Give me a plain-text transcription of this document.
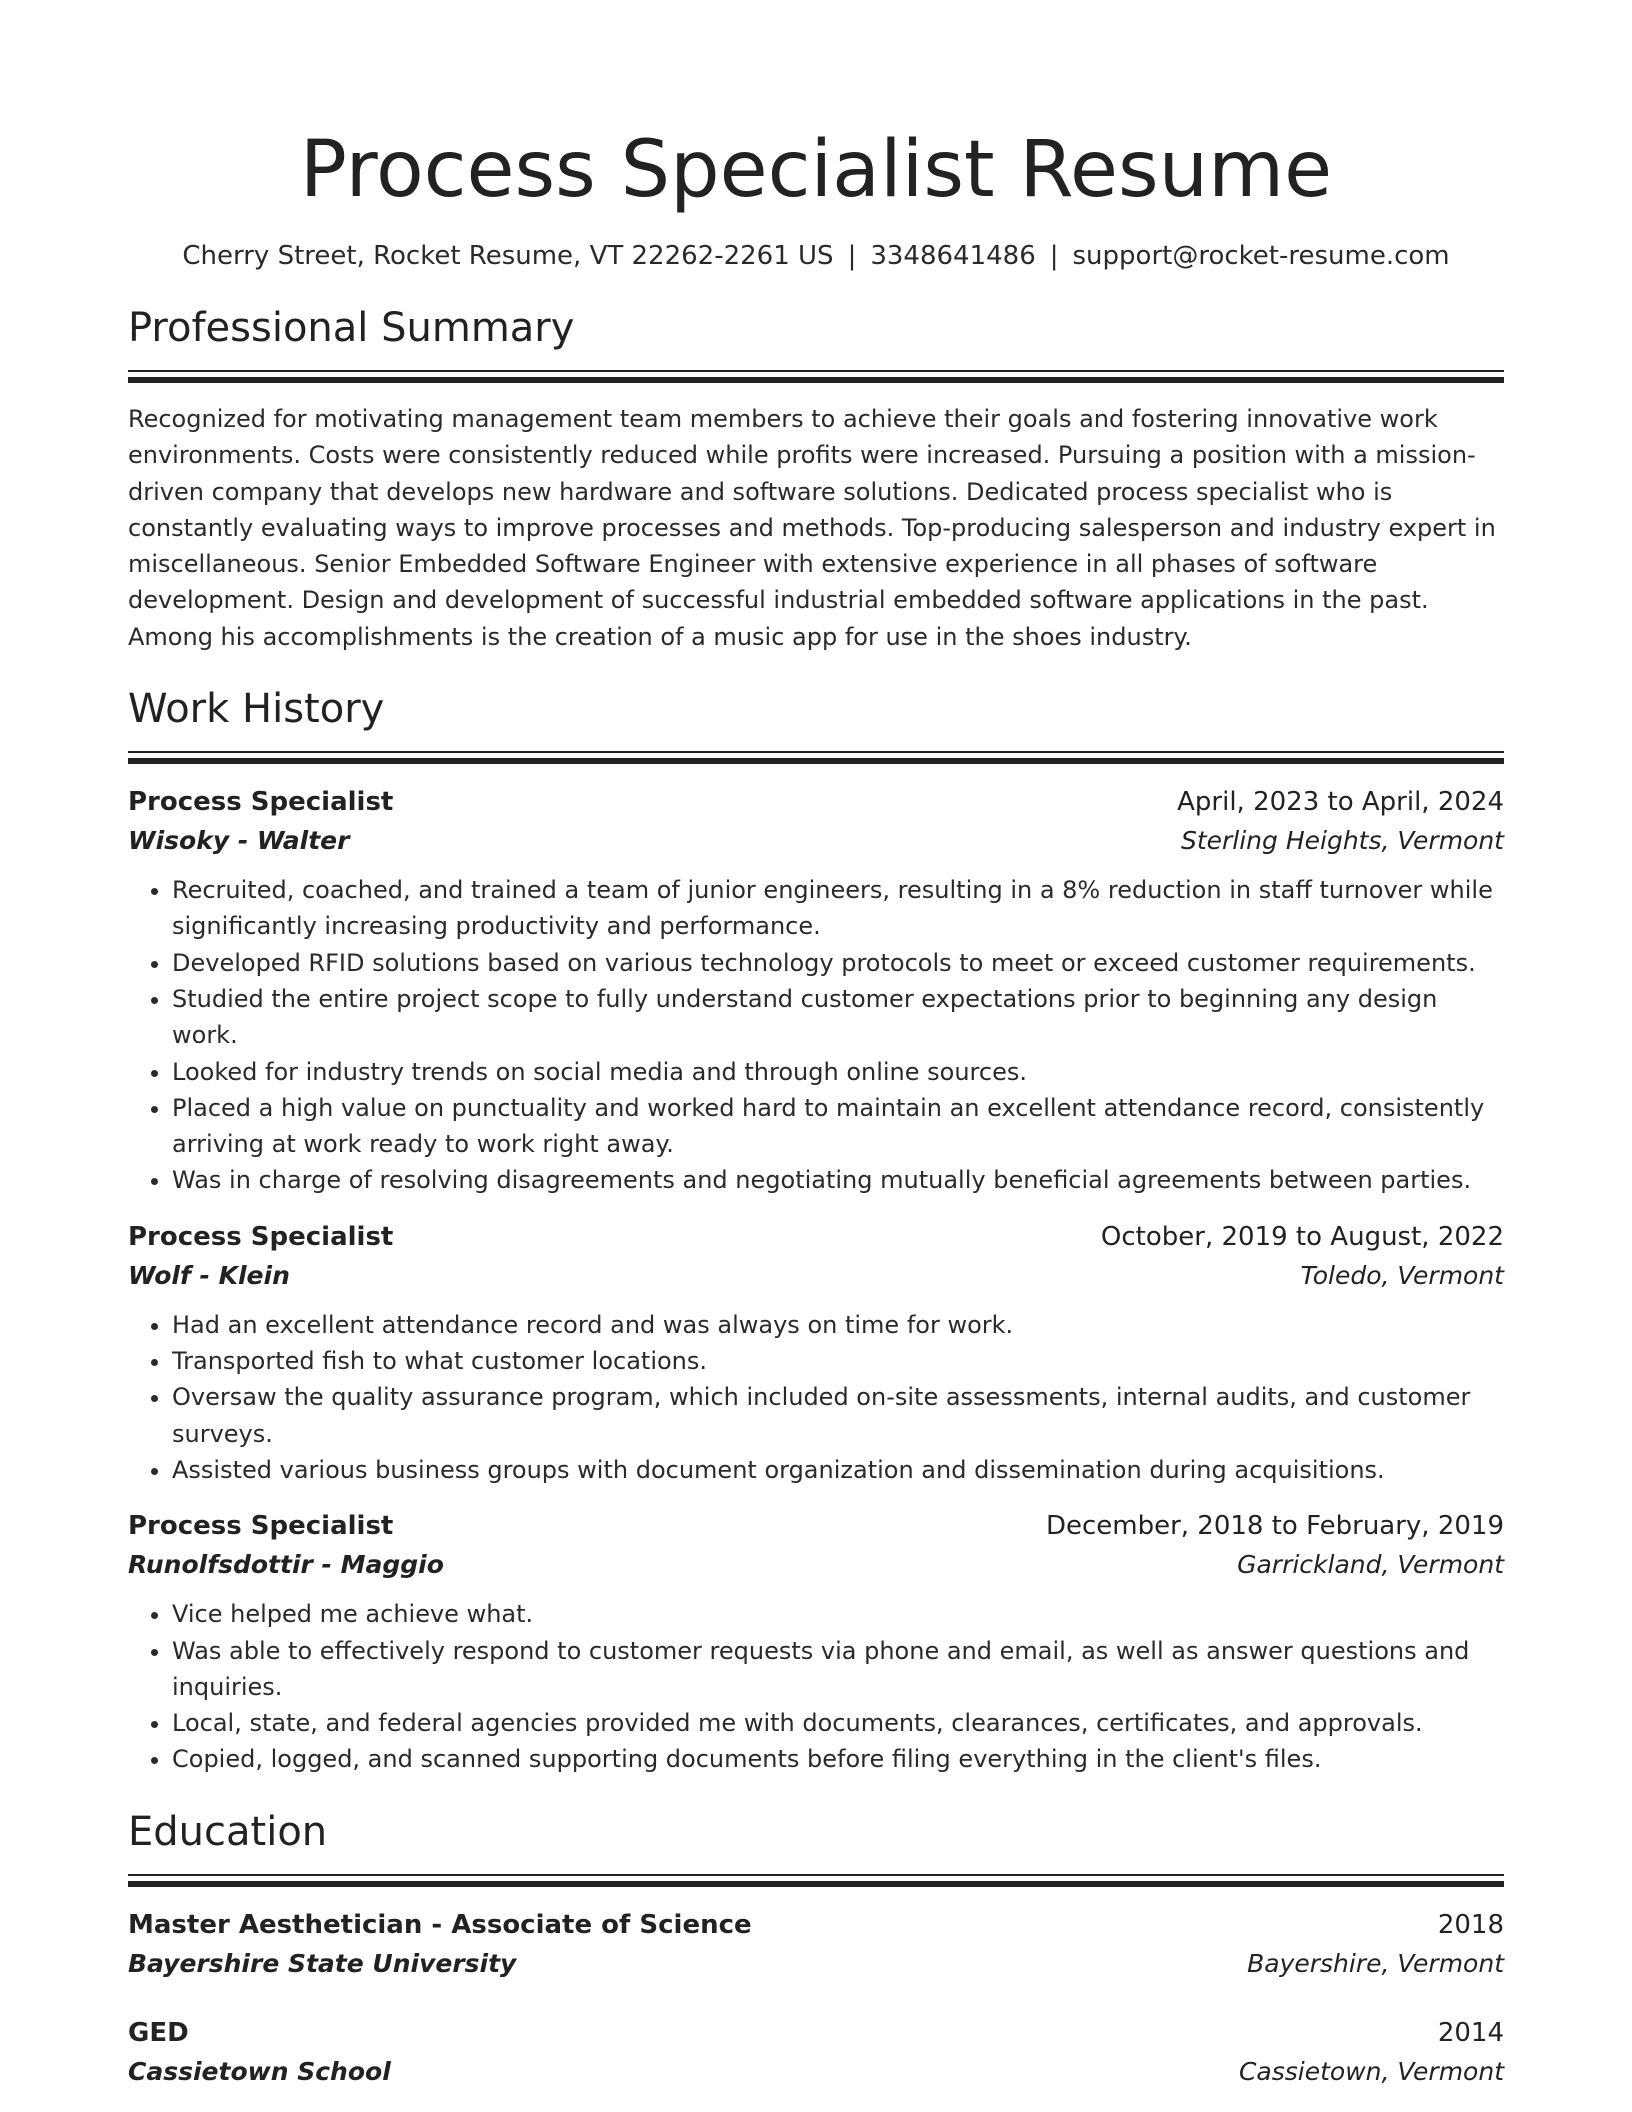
Process Specialist Resume
Cherry Street, Rocket Resume, VT 22262-2261 US | 3348641486 | support@rocket-resume.com
Professional Summary

Recognized for motivating management team members to achieve their goals and fostering innovative work environments. Costs were consistently reduced while profits were increased. Pursuing a position with a mission-driven company that develops new hardware and software solutions. Dedicated process specialist who is constantly evaluating ways to improve processes and methods. Top-producing salesperson and industry expert in miscellaneous. Senior Embedded Software Engineer with extensive experience in all phases of software development. Design and development of successful industrial embedded software applications in the past. Among his accomplishments is the creation of a music app for use in the shoes industry.

Work History
Process Specialist	April, 2023 to April, 2024
Wisoky - Walter	Sterling Heights, Vermont
• Recruited, coached, and trained a team of junior engineers, resulting in a 8% reduction in staff turnover while significantly increasing productivity and performance.
• Developed RFID solutions based on various technology protocols to meet or exceed customer requirements.
• Studied the entire project scope to fully understand customer expectations prior to beginning any design work.
• Looked for industry trends on social media and through online sources.
• Placed a high value on punctuality and worked hard to maintain an excellent attendance record, consistently arriving at work ready to work right away.
• Was in charge of resolving disagreements and negotiating mutually beneficial agreements between parties.
Process Specialist	October, 2019 to August, 2022
Wolf - Klein	Toledo, Vermont
• Had an excellent attendance record and was always on time for work.
• Transported fish to what customer locations.
• Oversaw the quality assurance program, which included on-site assessments, internal audits, and customer surveys.
• Assisted various business groups with document organization and dissemination during acquisitions.
Process Specialist	December, 2018 to February, 2019
Runolfsdottir - Maggio	Garrickland, Vermont
• Vice helped me achieve what.
• Was able to effectively respond to customer requests via phone and email, as well as answer questions and inquiries.
• Local, state, and federal agencies provided me with documents, clearances, certificates, and approvals.
• Copied, logged, and scanned supporting documents before filing everything in the client's files.
Education
Master Aesthetician - Associate of Science	2018
Bayershire State University	Bayershire, Vermont
GED	2014
Cassietown School	Cassietown, Vermont
